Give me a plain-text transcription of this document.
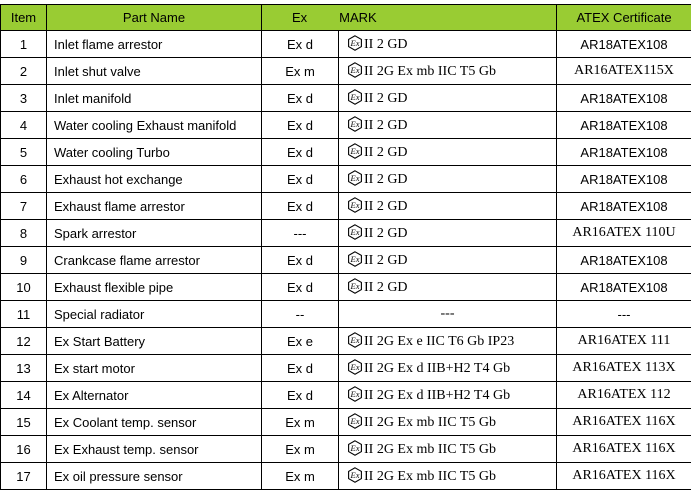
Item	Part Name	Ex MARK		ATEX Certificate
1	Inlet flame arrestor	Ex d	Ex II 2 GD	AR18ATEX108
2	Inlet shut valve	Ex m	Ex II 2G Ex mb IIC T5 Gb	AR16ATEX115X
3	Inlet manifold	Ex d	Ex II 2 GD	AR18ATEX108
4	Water cooling Exhaust manifold	Ex d	Ex II 2 GD	AR18ATEX108
5	Water cooling Turbo	Ex d	Ex II 2 GD	AR18ATEX108
6	Exhaust hot exchange	Ex d	Ex II 2 GD	AR18ATEX108
7	Exhaust flame arrestor	Ex d	Ex II 2 GD	AR18ATEX108
8	Spark arrestor	---	Ex II 2 GD	AR16ATEX 110U
9	Crankcase flame arrestor	Ex d	Ex II 2 GD	AR18ATEX108
10	Exhaust flexible pipe	Ex d	Ex II 2 GD	AR18ATEX108
11	Special radiator	--	---	---
12	Ex Start Battery	Ex e	Ex II 2G Ex e IIC T6 Gb IP23	AR16ATEX 111
13	Ex start motor	Ex d	Ex II 2G Ex d IIB+H2 T4 Gb	AR16ATEX 113X
14	Ex Alternator	Ex d	Ex II 2G Ex d IIB+H2 T4 Gb	AR16ATEX 112
15	Ex Coolant temp. sensor	Ex m	Ex II 2G Ex mb IIC T5 Gb	AR16ATEX 116X
16	Ex Exhaust temp. sensor	Ex m	Ex II 2G Ex mb IIC T5 Gb	AR16ATEX 116X
17	Ex oil pressure sensor	Ex m	Ex II 2G Ex mb IIC T5 Gb	AR16ATEX 116X
